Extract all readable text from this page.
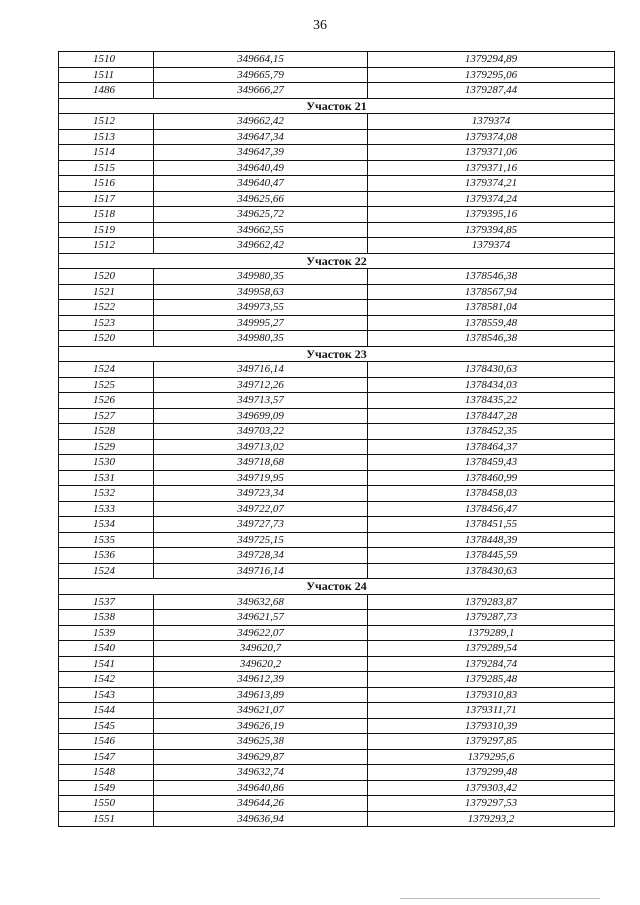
36
1510	349664,15	1379294,89
1511	349665,79	1379295,06
1486	349666,27	1379287,44
Участок 21		
1512	349662,42	1379374
1513	349647,34	1379374,08
1514	349647,39	1379371,06
1515	349640,49	1379371,16
1516	349640,47	1379374,21
1517	349625,66	1379374,24
1518	349625,72	1379395,16
1519	349662,55	1379394,85
1512	349662,42	1379374
Участок 22		
1520	349980,35	1378546,38
1521	349958,63	1378567,94
1522	349973,55	1378581,04
1523	349995,27	1378559,48
1520	349980,35	1378546,38
Участок 23		
1524	349716,14	1378430,63
1525	349712,26	1378434,03
1526	349713,57	1378435,22
1527	349699,09	1378447,28
1528	349703,22	1378452,35
1529	349713,02	1378464,37
1530	349718,68	1378459,43
1531	349719,95	1378460,99
1532	349723,34	1378458,03
1533	349722,07	1378456,47
1534	349727,73	1378451,55
1535	349725,15	1378448,39
1536	349728,34	1378445,59
1524	349716,14	1378430,63
Участок 24		
1537	349632,68	1379283,87
1538	349621,57	1379287,73
1539	349622,07	1379289,1
1540	349620,7	1379289,54
1541	349620,2	1379284,74
1542	349612,39	1379285,48
1543	349613,89	1379310,83
1544	349621,07	1379311,71
1545	349626,19	1379310,39
1546	349625,38	1379297,85
1547	349629,87	1379295,6
1548	349632,74	1379299,48
1549	349640,86	1379303,42
1550	349644,26	1379297,53
1551	349636,94	1379293,2
